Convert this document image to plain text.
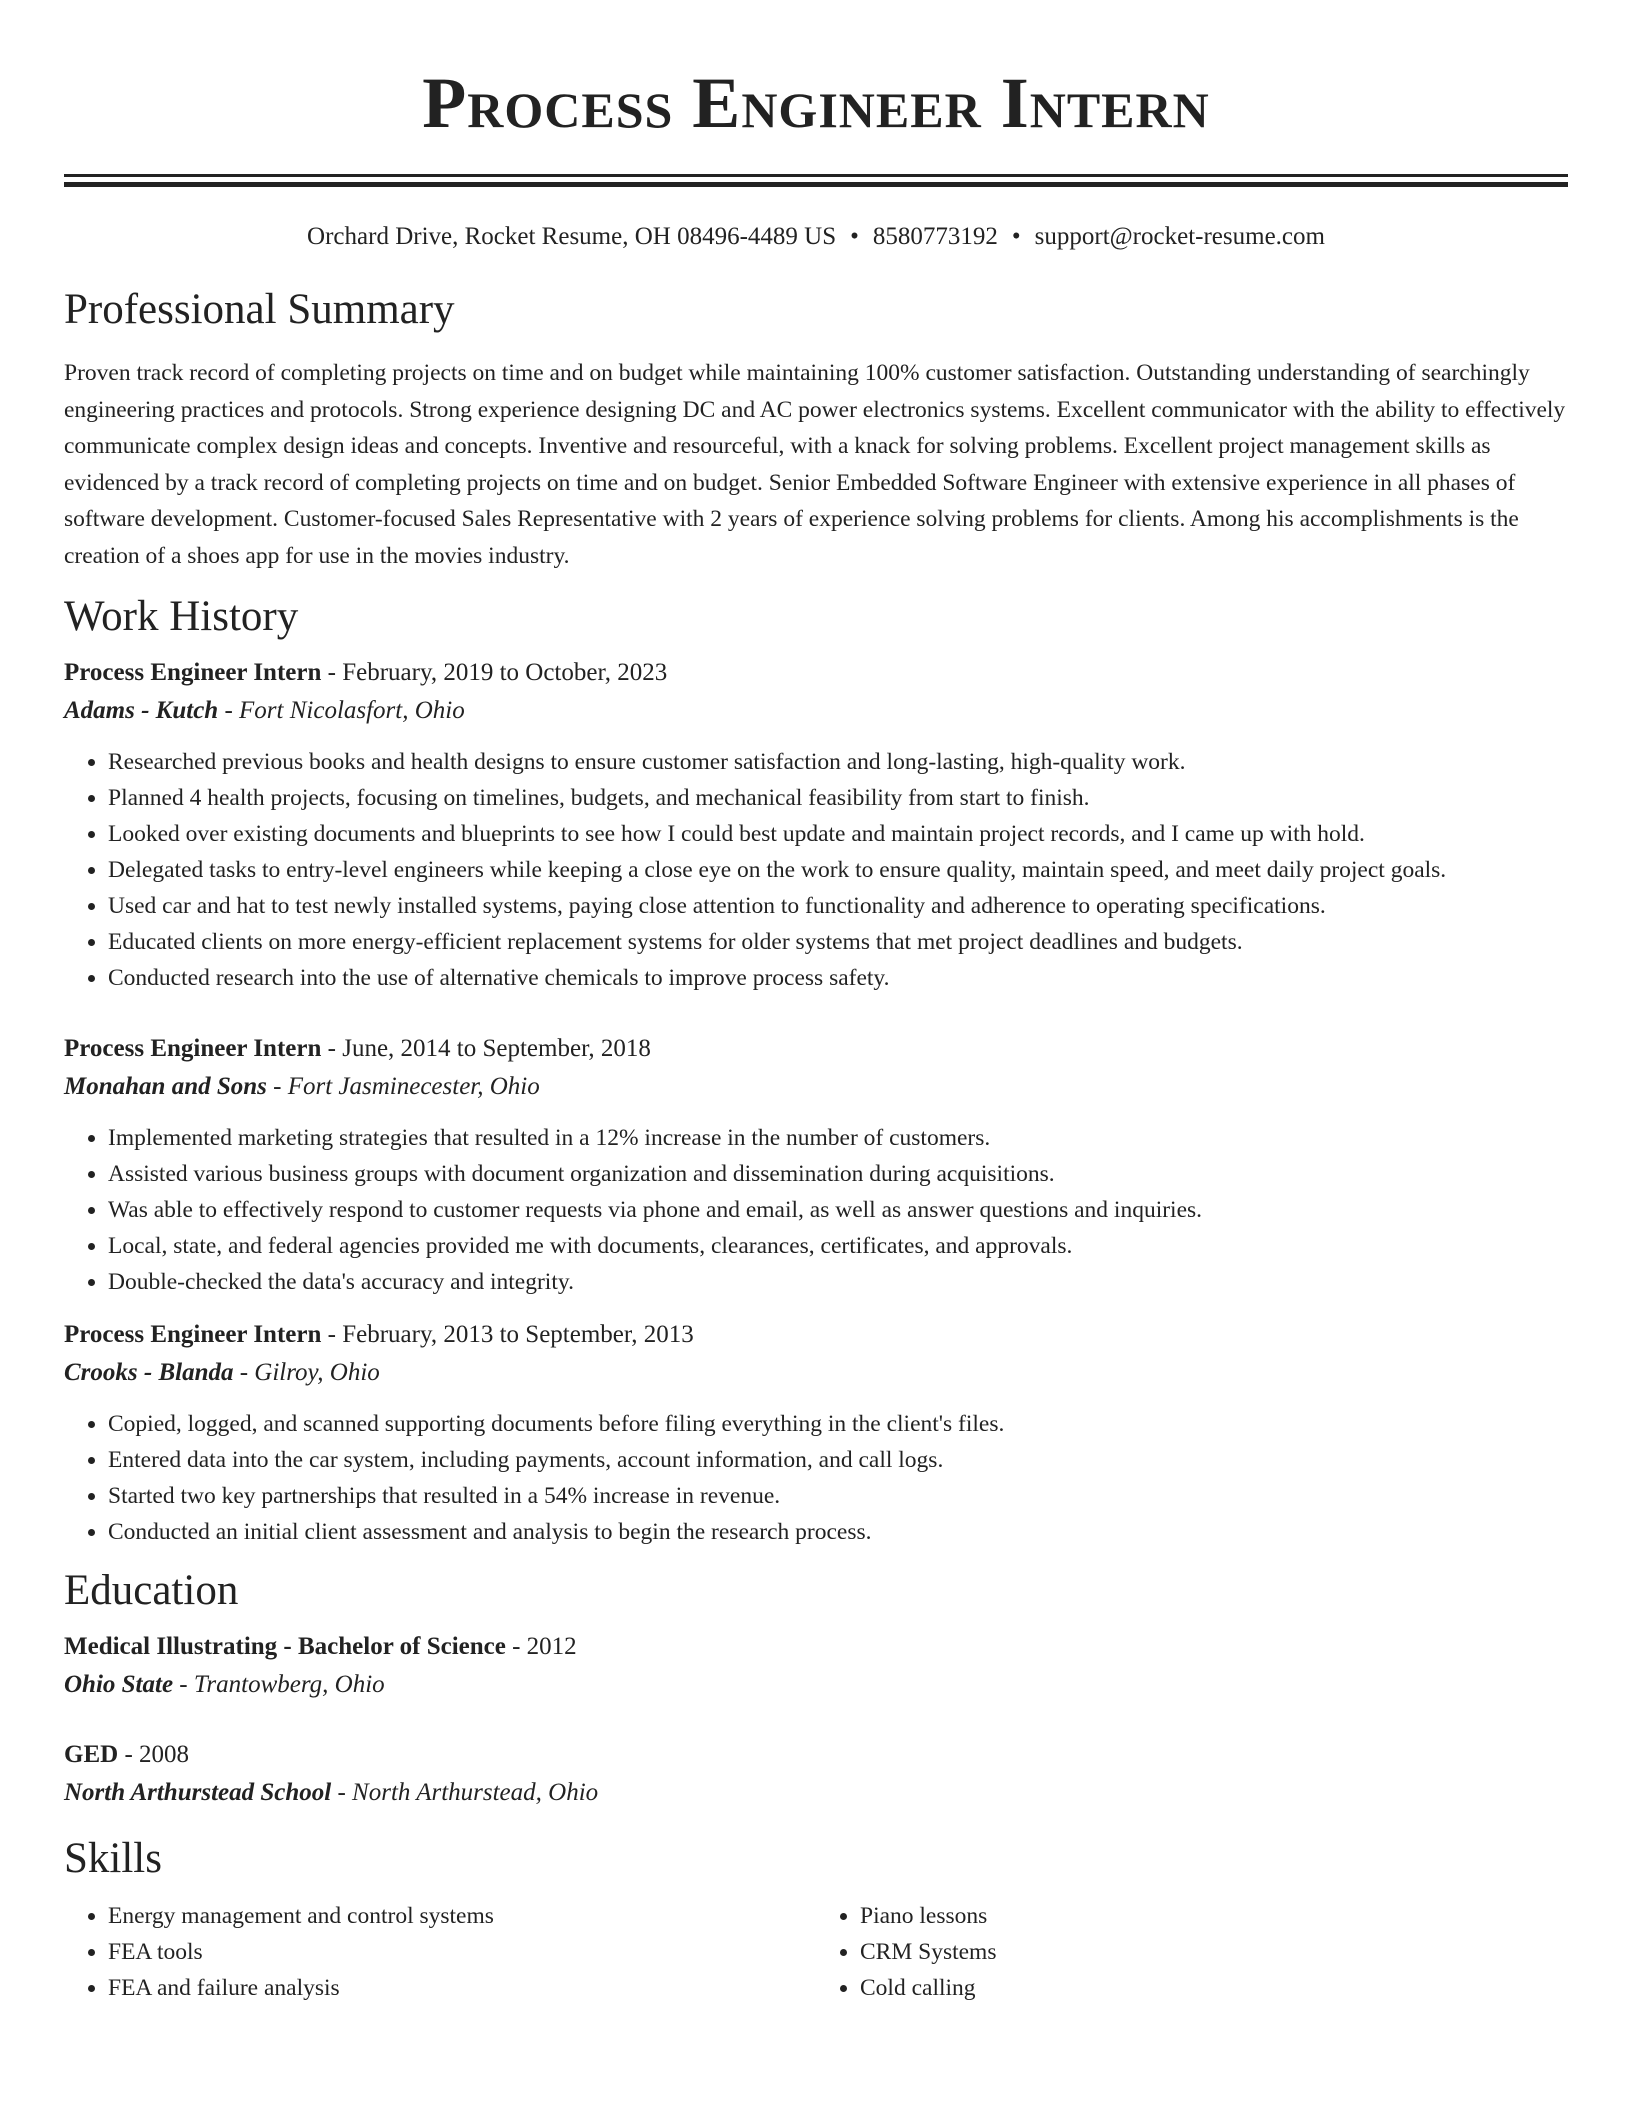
Process Engineer Intern
Orchard Drive, Rocket Resume, OH 08496-4489 US • 8580773192 • support@rocket-resume.com
Professional Summary

Proven track record of completing projects on time and on budget while maintaining 100% customer satisfaction. Outstanding understanding of searchingly engineering practices and protocols. Strong experience designing DC and AC power electronics systems. Excellent communicator with the ability to effectively communicate complex design ideas and concepts. Inventive and resourceful, with a knack for solving problems. Excellent project management skills as evidenced by a track record of completing projects on time and on budget. Senior Embedded Software Engineer with extensive experience in all phases of software development. Customer-focused Sales Representative with 2 years of experience solving problems for clients. Among his accomplishments is the creation of a shoes app for use in the movies industry.

Work History
Process Engineer Intern - February, 2019 to October, 2023
Adams - Kutch - Fort Nicolasfort, Ohio
• Researched previous books and health designs to ensure customer satisfaction and long-lasting, high-quality work.
• Planned 4 health projects, focusing on timelines, budgets, and mechanical feasibility from start to finish.
• Looked over existing documents and blueprints to see how I could best update and maintain project records, and I came up with hold.
• Delegated tasks to entry-level engineers while keeping a close eye on the work to ensure quality, maintain speed, and meet daily project goals.
• Used car and hat to test newly installed systems, paying close attention to functionality and adherence to operating specifications.
• Educated clients on more energy-efficient replacement systems for older systems that met project deadlines and budgets.
• Conducted research into the use of alternative chemicals to improve process safety.
Process Engineer Intern - June, 2014 to September, 2018
Monahan and Sons - Fort Jasminecester, Ohio
• Implemented marketing strategies that resulted in a 12% increase in the number of customers.
• Assisted various business groups with document organization and dissemination during acquisitions.
• Was able to effectively respond to customer requests via phone and email, as well as answer questions and inquiries.
• Local, state, and federal agencies provided me with documents, clearances, certificates, and approvals.
• Double-checked the data's accuracy and integrity.
Process Engineer Intern - February, 2013 to September, 2013
Crooks - Blanda - Gilroy, Ohio
• Copied, logged, and scanned supporting documents before filing everything in the client's files.
• Entered data into the car system, including payments, account information, and call logs.
• Started two key partnerships that resulted in a 54% increase in revenue.
• Conducted an initial client assessment and analysis to begin the research process.
Education
Medical Illustrating - Bachelor of Science - 2012
Ohio State - Trantowberg, Ohio
GED - 2008
North Arthurstead School - North Arthurstead, Ohio
Skills
• Energy management and control systems
• FEA tools
• FEA and failure analysis
• Piano lessons
• CRM Systems
• Cold calling
